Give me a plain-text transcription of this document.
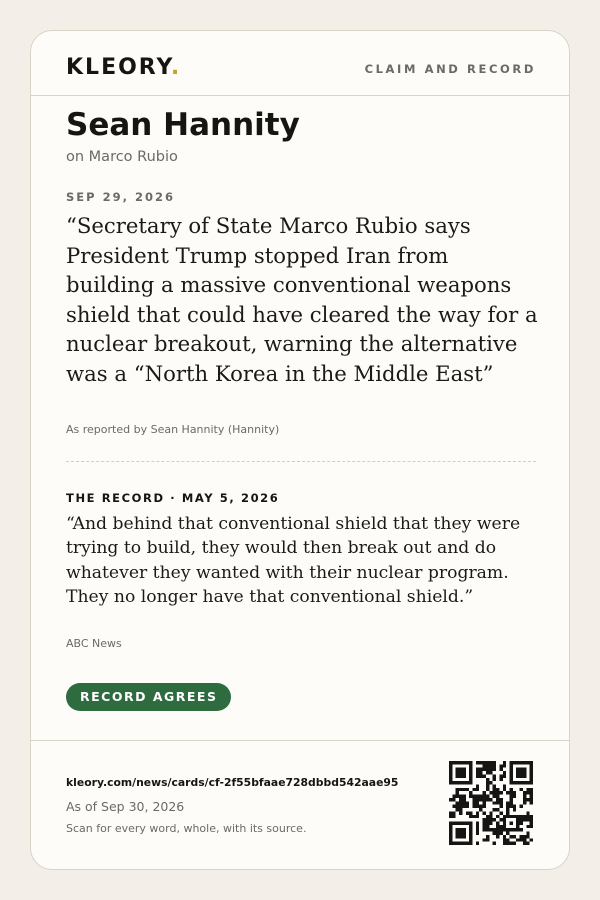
KLEORY.	CLAIM AND RECORD
Sean Hannity
on Marco Rubio
SEP 29, 2026
“Secretary of State Marco Rubio says President Trump stopped Iran from building a massive conventional weapons shield that could have cleared the way for a nuclear breakout, warning the alternative was a “North Korea in the Middle East”
As reported by Sean Hannity (Hannity)
THE RECORD · MAY 5, 2026
“And behind that conventional shield that they were trying to build, they would then break out and do whatever they wanted with their nuclear program. They no longer have that conventional shield.”
ABC News
RECORD AGREES
kleory.com/news/cards/cf-2f55bfaae728dbbd542aae95
As of Sep 30, 2026
Scan for every word, whole, with its source.
